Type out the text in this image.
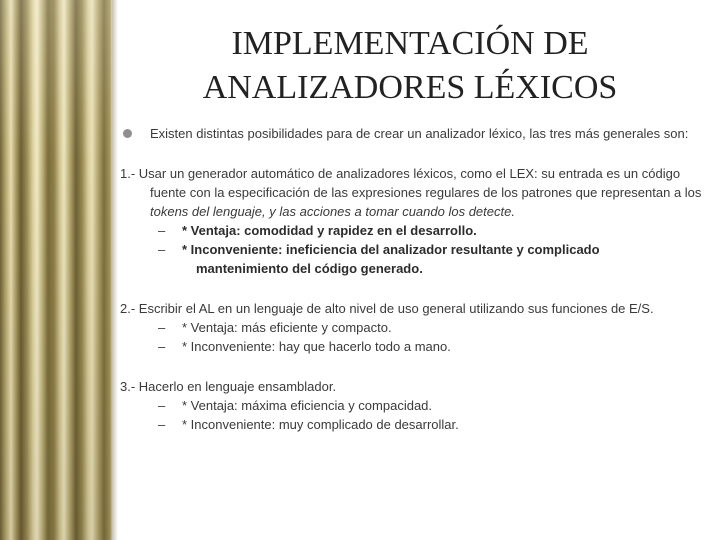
IMPLEMENTACIÓN DE
ANALIZADORES LÉXICOS
Existen distintas posibilidades para de crear un analizador léxico, las tres más generales son:
1.- Usar un generador automático de analizadores léxicos, como el LEX: su entrada es un código fuente con la especificación de las expresiones regulares de los patrones que representan a los tokens del lenguaje, y las acciones a tomar cuando los detecte.
–	* Ventaja: comodidad y rapidez en el desarrollo.
–	* Inconveniente: ineficiencia del analizador resultante y complicado
mantenimiento del código generado.
2.- Escribir el AL en un lenguaje de alto nivel de uso general utilizando sus funciones de E/S.
–	* Ventaja: más eficiente y compacto.
–	* Inconveniente: hay que hacerlo todo a mano.
3.- Hacerlo en lenguaje ensamblador.
–	* Ventaja: máxima eficiencia y compacidad.
–	* Inconveniente: muy complicado de desarrollar.
